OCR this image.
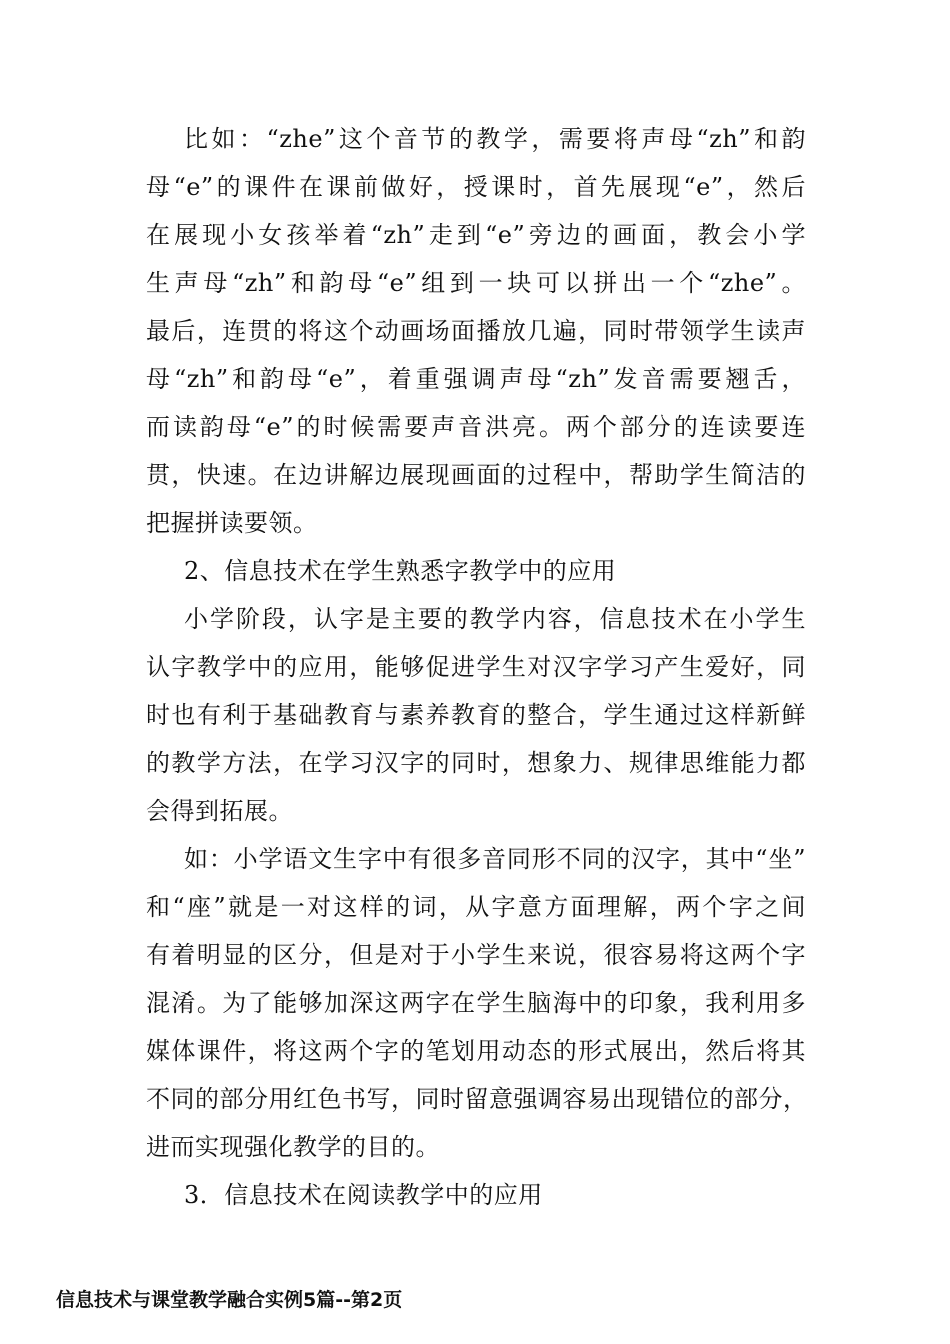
比如：“zhe”这个音节的教学，需要将声母“zh”和韵
母“e”的课件在课前做好，授课时，首先展现“e”，然后
在展现小女孩举着“zh”走到“e”旁边的画面，教会小学
生声母“zh”和韵母“e”组到一块可以拼出一个“zhe”。
最后，连贯的将这个动画场面播放几遍，同时带领学生读声
母“zh”和韵母“e”，着重强调声母“zh”发音需要翘舌，
而读韵母“e”的时候需要声音洪亮。两个部分的连读要连
贯，快速。在边讲解边展现画面的过程中，帮助学生简洁的
把握拼读要领。
2、信息技术在学生熟悉字教学中的应用
小学阶段，认字是主要的教学内容，信息技术在小学生
认字教学中的应用，能够促进学生对汉字学习产生爱好，同
时也有利于基础教育与素养教育的整合，学生通过这样新鲜
的教学方法，在学习汉字的同时，想象力、规律思维能力都
会得到拓展。
如：小学语文生字中有很多音同形不同的汉字，其中“坐”
和“座”就是一对这样的词，从字意方面理解，两个字之间
有着明显的区分，但是对于小学生来说，很容易将这两个字
混淆。为了能够加深这两字在学生脑海中的印象，我利用多
媒体课件，将这两个字的笔划用动态的形式展出，然后将其
不同的部分用红色书写，同时留意强调容易出现错位的部分，
进而实现强化教学的目的。
3．信息技术在阅读教学中的应用
信息技术与课堂教学融合实例5篇--第2页
